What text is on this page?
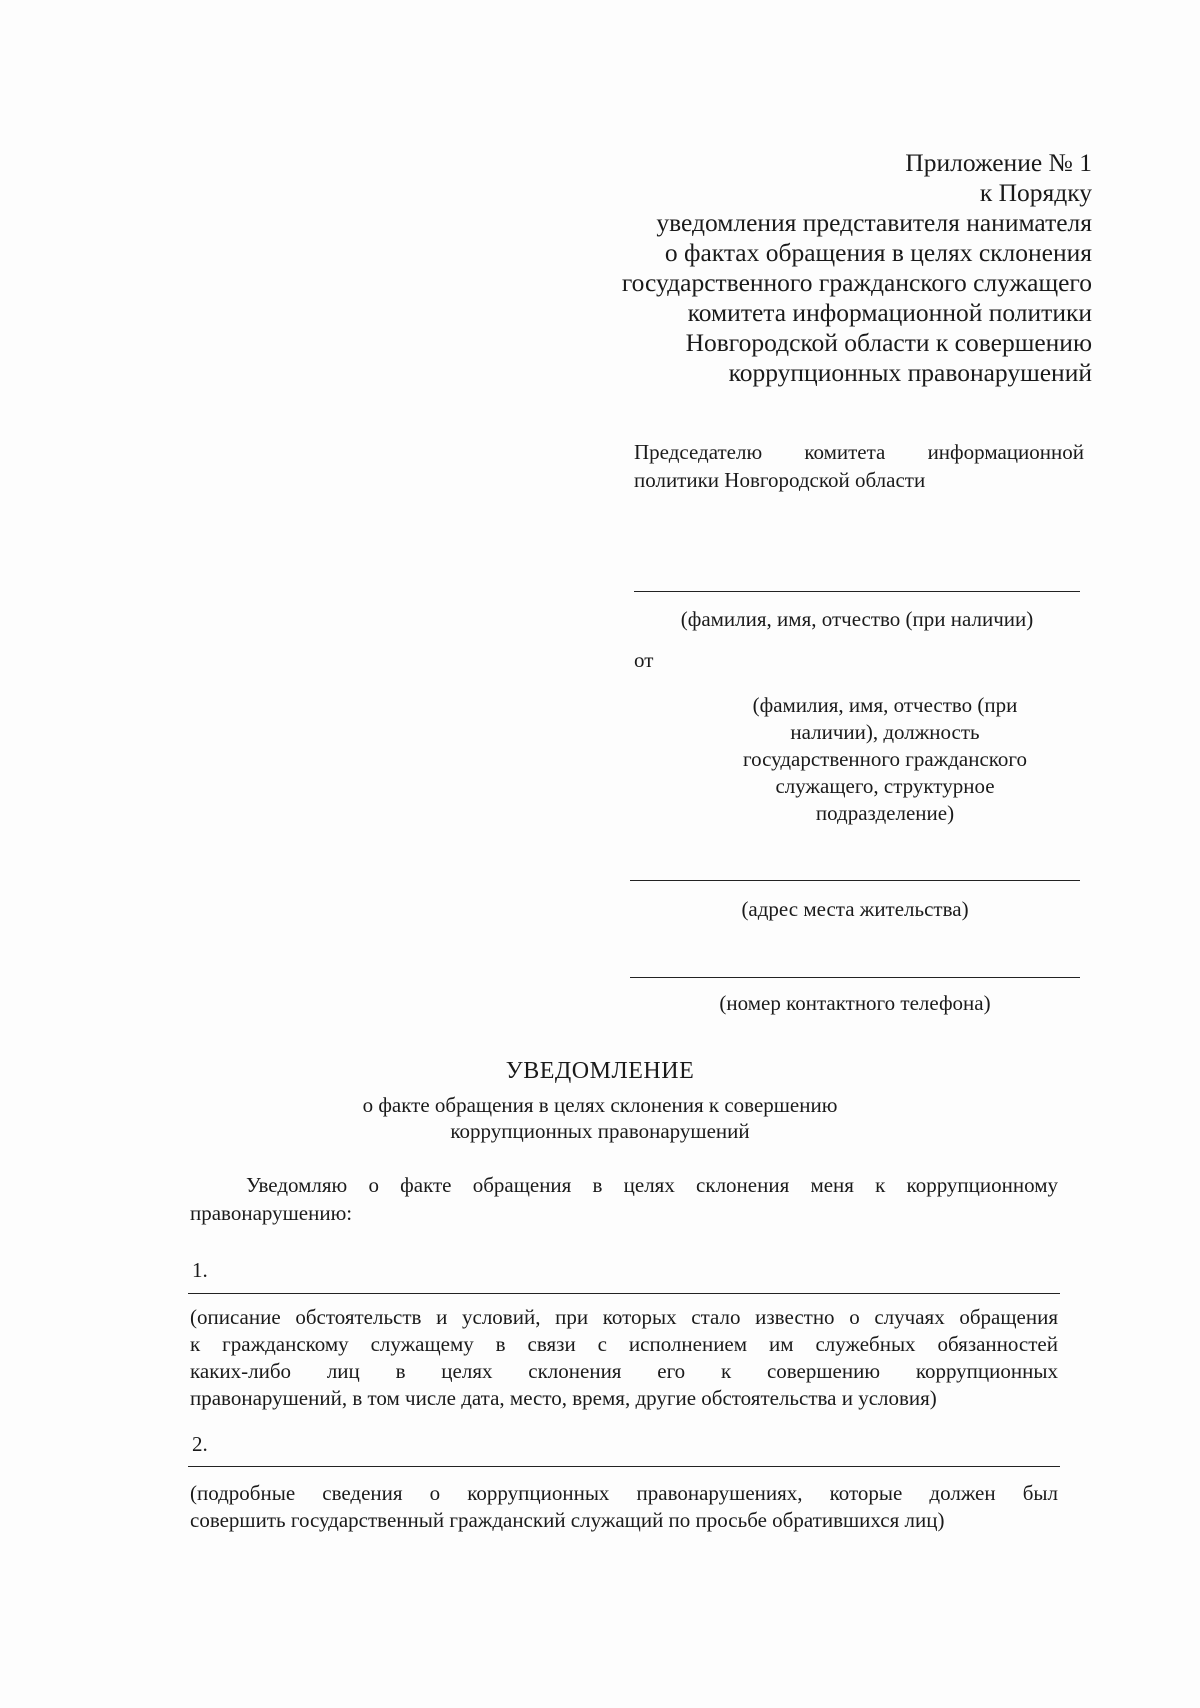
Приложение № 1
к Порядку
уведомления представителя нанимателя
о фактах обращения в целях склонения
государственного гражданского служащего
комитета информационной политики
Новгородской области к совершению
коррупционных правонарушений
Председателю комитета информационной политики Новгородской области
(фамилия, имя, отчество (при наличии)
от
(фамилия, имя, отчество (при
наличии), должность
государственного гражданского
служащего, структурное
подразделение)
(адрес места жительства)
(номер контактного телефона)
УВЕДОМЛЕНИЕ
о факте обращения в целях склонения к совершению
коррупционных правонарушений
Уведомляю о факте обращения в целях склонения меня к коррупционному правонарушению:
1.
(описание обстоятельств и условий, при которых стало известно о случаях обращения
к гражданскому служащему в связи с исполнением им служебных обязанностей
каких-либо лиц в целях склонения его к совершению коррупционных
правонарушений, в том числе дата, место, время, другие обстоятельства и условия)
2.
(подробные сведения о коррупционных правонарушениях, которые должен был
совершить государственный гражданский служащий по просьбе обратившихся лиц)
